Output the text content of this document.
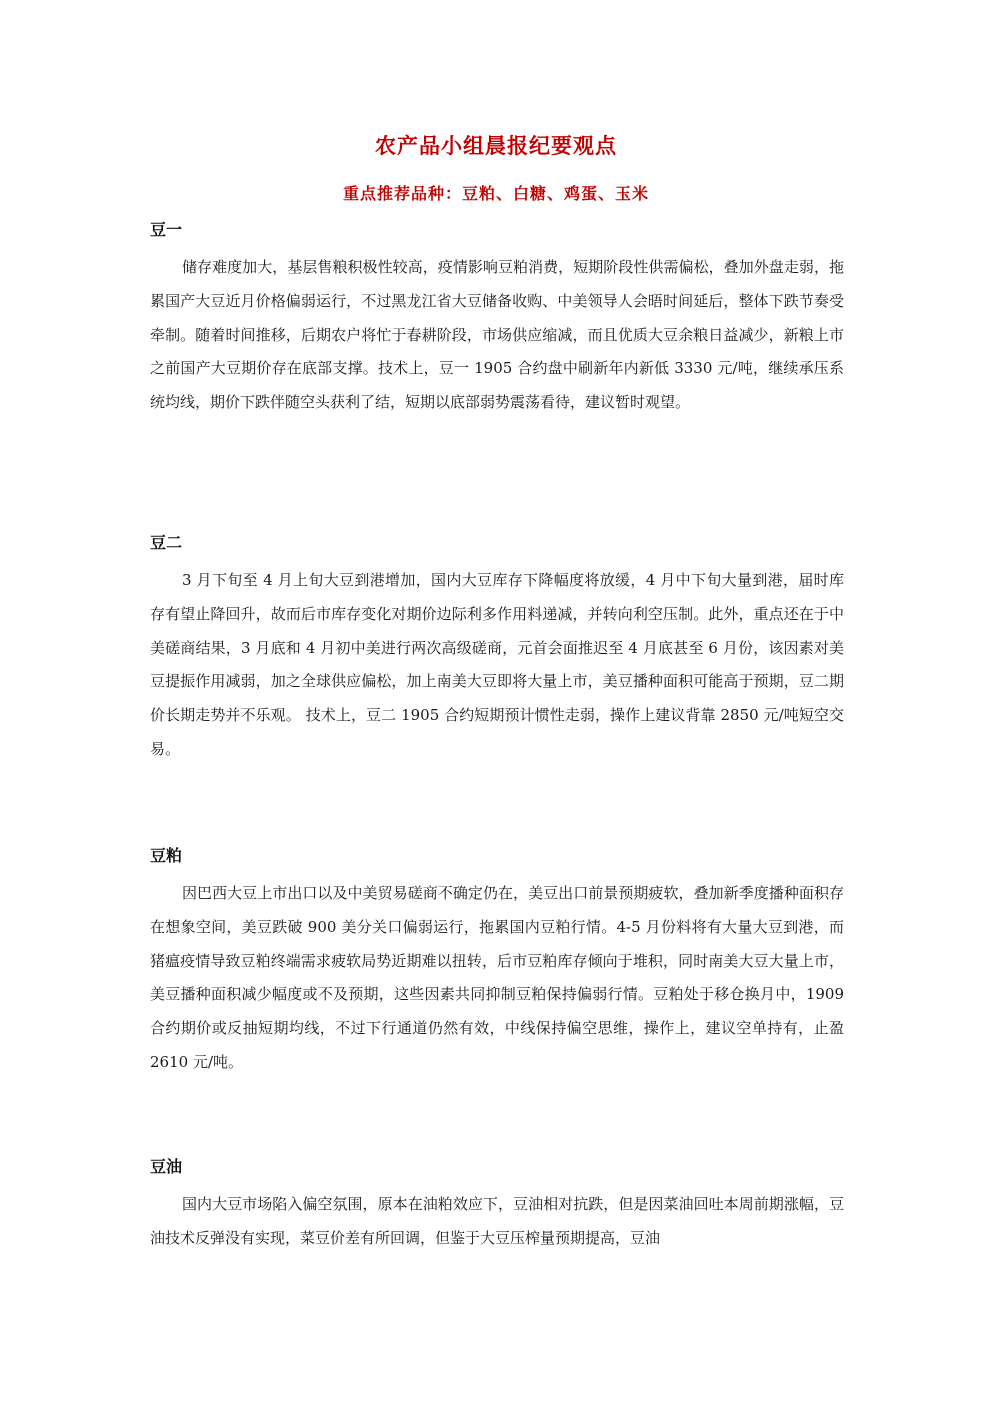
农产品小组晨报纪要观点
重点推荐品种：豆粕、白糖、鸡蛋、玉米
豆一

储存难度加大，基层售粮积极性较高，疫情影响豆粕消费，短期阶段性供需偏松，叠加外盘走弱，拖累国产大豆近月价格偏弱运行，不过黑龙江省大豆储备收购、中美领导人会晤时间延后，整体下跌节奏受牵制。随着时间推移，后期农户将忙于春耕阶段，市场供应缩减，而且优质大豆余粮日益减少，新粮上市之前国产大豆期价存在底部支撑。技术上，豆一 1905 合约盘中刷新年内新低 3330 元/吨，继续承压系统均线，期价下跌伴随空头获利了结，短期以底部弱势震荡看待，建议暂时观望。

豆二

3 月下旬至 4 月上旬大豆到港增加，国内大豆库存下降幅度将放缓，4 月中下旬大量到港，届时库存有望止降回升，故而后市库存变化对期价边际利多作用料递减，并转向利空压制。此外，重点还在于中美磋商结果，3 月底和 4 月初中美进行两次高级磋商，元首会面推迟至 4 月底甚至 6 月份，该因素对美豆提振作用减弱，加之全球供应偏松，加上南美大豆即将大量上市，美豆播种面积可能高于预期，豆二期价长期走势并不乐观。 技术上，豆二 1905 合约短期预计惯性走弱，操作上建议背靠 2850 元/吨短空交易。

豆粕

因巴西大豆上市出口以及中美贸易磋商不确定仍在，美豆出口前景预期疲软，叠加新季度播种面积存在想象空间，美豆跌破 900 美分关口偏弱运行，拖累国内豆粕行情。4-5 月份料将有大量大豆到港，而猪瘟疫情导致豆粕终端需求疲软局势近期难以扭转，后市豆粕库存倾向于堆积，同时南美大豆大量上市，美豆播种面积减少幅度或不及预期，这些因素共同抑制豆粕保持偏弱行情。豆粕处于移仓换月中，1909 合约期价或反抽短期均线，不过下行通道仍然有效，中线保持偏空思维，操作上，建议空单持有，止盈 2610 元/吨。

豆油

国内大豆市场陷入偏空氛围，原本在油粕效应下，豆油相对抗跌，但是因菜油回吐本周前期涨幅，豆油技术反弹没有实现，菜豆价差有所回调，但鉴于大豆压榨量预期提高，豆油
